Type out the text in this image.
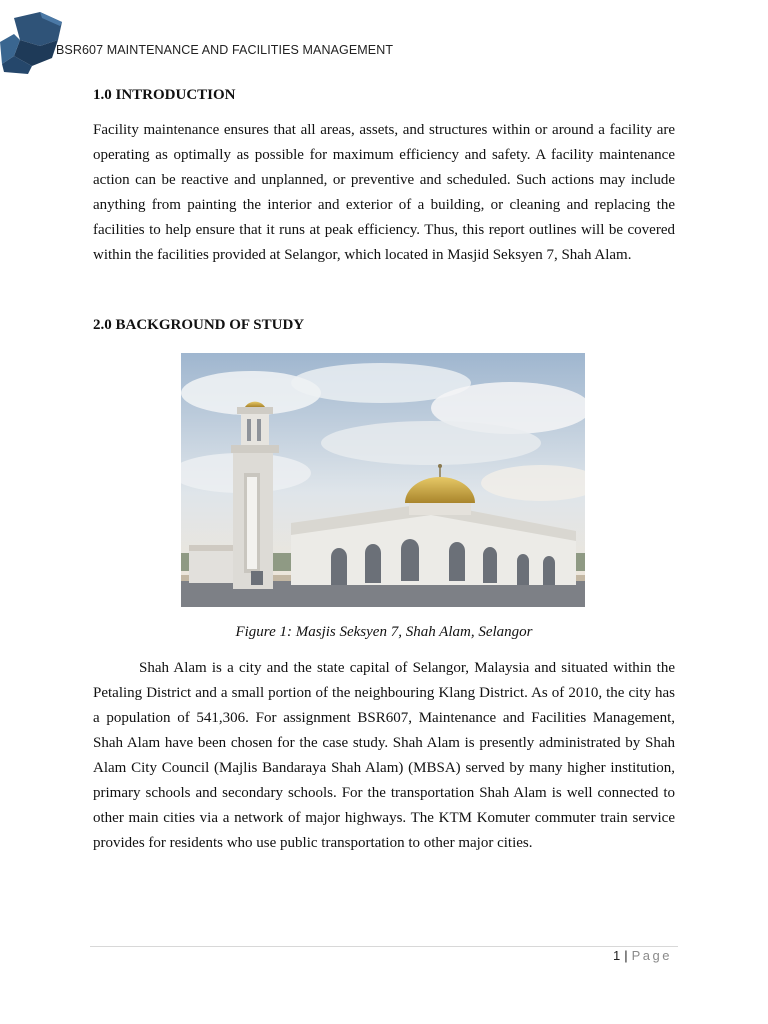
BSR607 MAINTENANCE AND FACILITIES MANAGEMENT
1.0 INTRODUCTION

Facility maintenance ensures that all areas, assets, and structures within or around a facility are operating as optimally as possible for maximum efficiency and safety. A facility maintenance action can be reactive and unplanned, or preventive and scheduled. Such actions may include anything from painting the interior and exterior of a building, or cleaning and replacing the facilities to help ensure that it runs at peak efficiency. Thus, this report outlines will be covered within the facilities provided at Selangor, which located in Masjid Seksyen 7, Shah Alam.

2.0 BACKGROUND OF STUDY
Figure 1: Masjis Seksyen 7, Shah Alam, Selangor

Shah Alam is a city and the state capital of Selangor, Malaysia and situated within the Petaling District and a small portion of the neighbouring Klang District. As of 2010, the city has a population of 541,306. For assignment BSR607, Maintenance and Facilities Management, Shah Alam have been chosen for the case study. Shah Alam is presently administrated by Shah Alam City Council (Majlis Bandaraya Shah Alam) (MBSA) served by many higher institution, primary schools and secondary schools. For the transportation Shah Alam is well connected to other main cities via a network of major highways. The KTM Komuter commuter train service provides for residents who use public transportation to other major cities.

1 | Page
